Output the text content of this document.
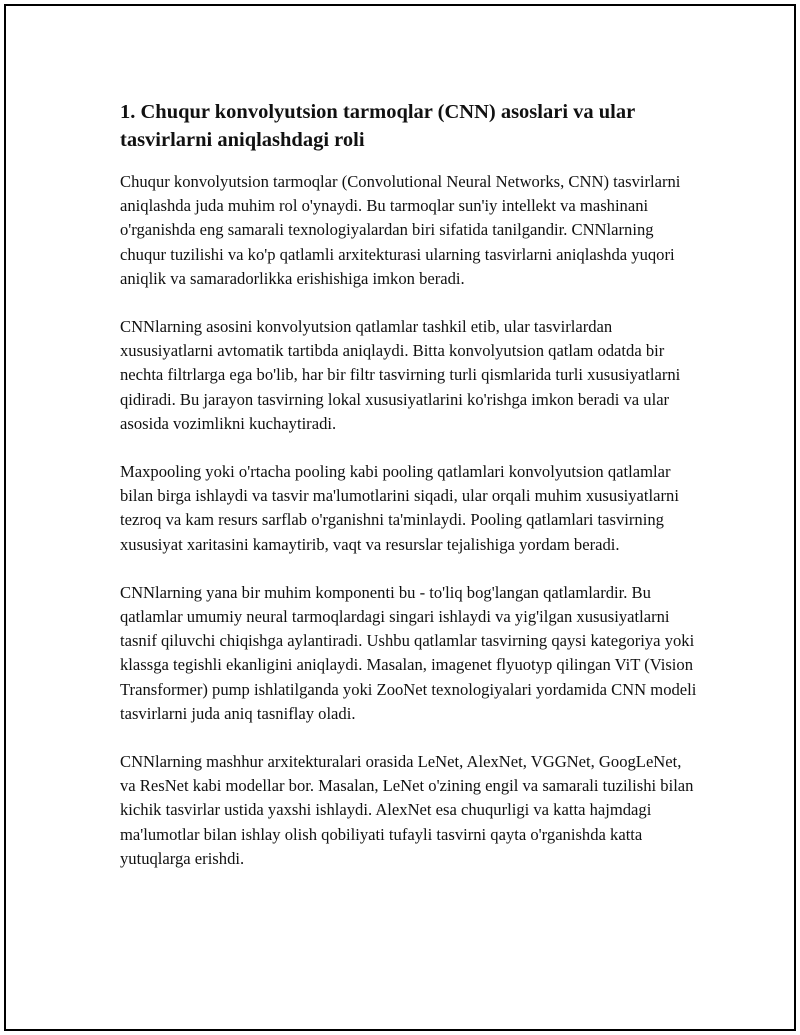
1. Chuqur konvolyutsion tarmoqlar (CNN) asoslari va ular tasvirlarni aniqlashdagi roli

Chuqur konvolyutsion tarmoqlar (Convolutional Neural Networks, CNN) tasvirlarni aniqlashda juda muhim rol o'ynaydi. Bu tarmoqlar sun'iy intellekt va mashinani o'rganishda eng samarali texnologiyalardan biri sifatida tanilgandir. CNNlarning chuqur tuzilishi va ko'p qatlamli arxitekturasi ularning tasvirlarni aniqlashda yuqori aniqlik va samaradorlikka erishishiga imkon beradi.

CNNlarning asosini konvolyutsion qatlamlar tashkil etib, ular tasvirlardan xususiyatlarni avtomatik tartibda aniqlaydi. Bitta konvolyutsion qatlam odatda bir nechta filtrlarga ega bo'lib, har bir filtr tasvirning turli qismlarida turli xususiyatlarni qidiradi. Bu jarayon tasvirning lokal xususiyatlarini ko'rishga imkon beradi va ular asosida vozimlikni kuchaytiradi.

Maxpooling yoki o'rtacha pooling kabi pooling qatlamlari konvolyutsion qatlamlar bilan birga ishlaydi va tasvir ma'lumotlarini siqadi, ular orqali muhim xususiyatlarni tezroq va kam resurs sarflab o'rganishni ta'minlaydi. Pooling qatlamlari tasvirning xususiyat xaritasini kamaytirib, vaqt va resurslar tejalishiga yordam beradi.

CNNlarning yana bir muhim komponenti bu - to'liq bog'langan qatlamlardir. Bu qatlamlar umumiy neural tarmoqlardagi singari ishlaydi va yig'ilgan xususiyatlarni tasnif qiluvchi chiqishga aylantiradi. Ushbu qatlamlar tasvirning qaysi kategoriya yoki klassga tegishli ekanligini aniqlaydi. Masalan, imagenet flyuotyp qilingan ViT (Vision Transformer) pump ishlatilganda yoki ZooNet texnologiyalari yordamida CNN modeli tasvirlarni juda aniq tasniflay oladi.

CNNlarning mashhur arxitekturalari orasida LeNet, AlexNet, VGGNet, GoogLeNet, va ResNet kabi modellar bor. Masalan, LeNet o'zining engil va samarali tuzilishi bilan kichik tasvirlar ustida yaxshi ishlaydi. AlexNet esa chuqurligi va katta hajmdagi ma'lumotlar bilan ishlay olish qobiliyati tufayli tasvirni qayta o'rganishda katta yutuqlarga erishdi.
